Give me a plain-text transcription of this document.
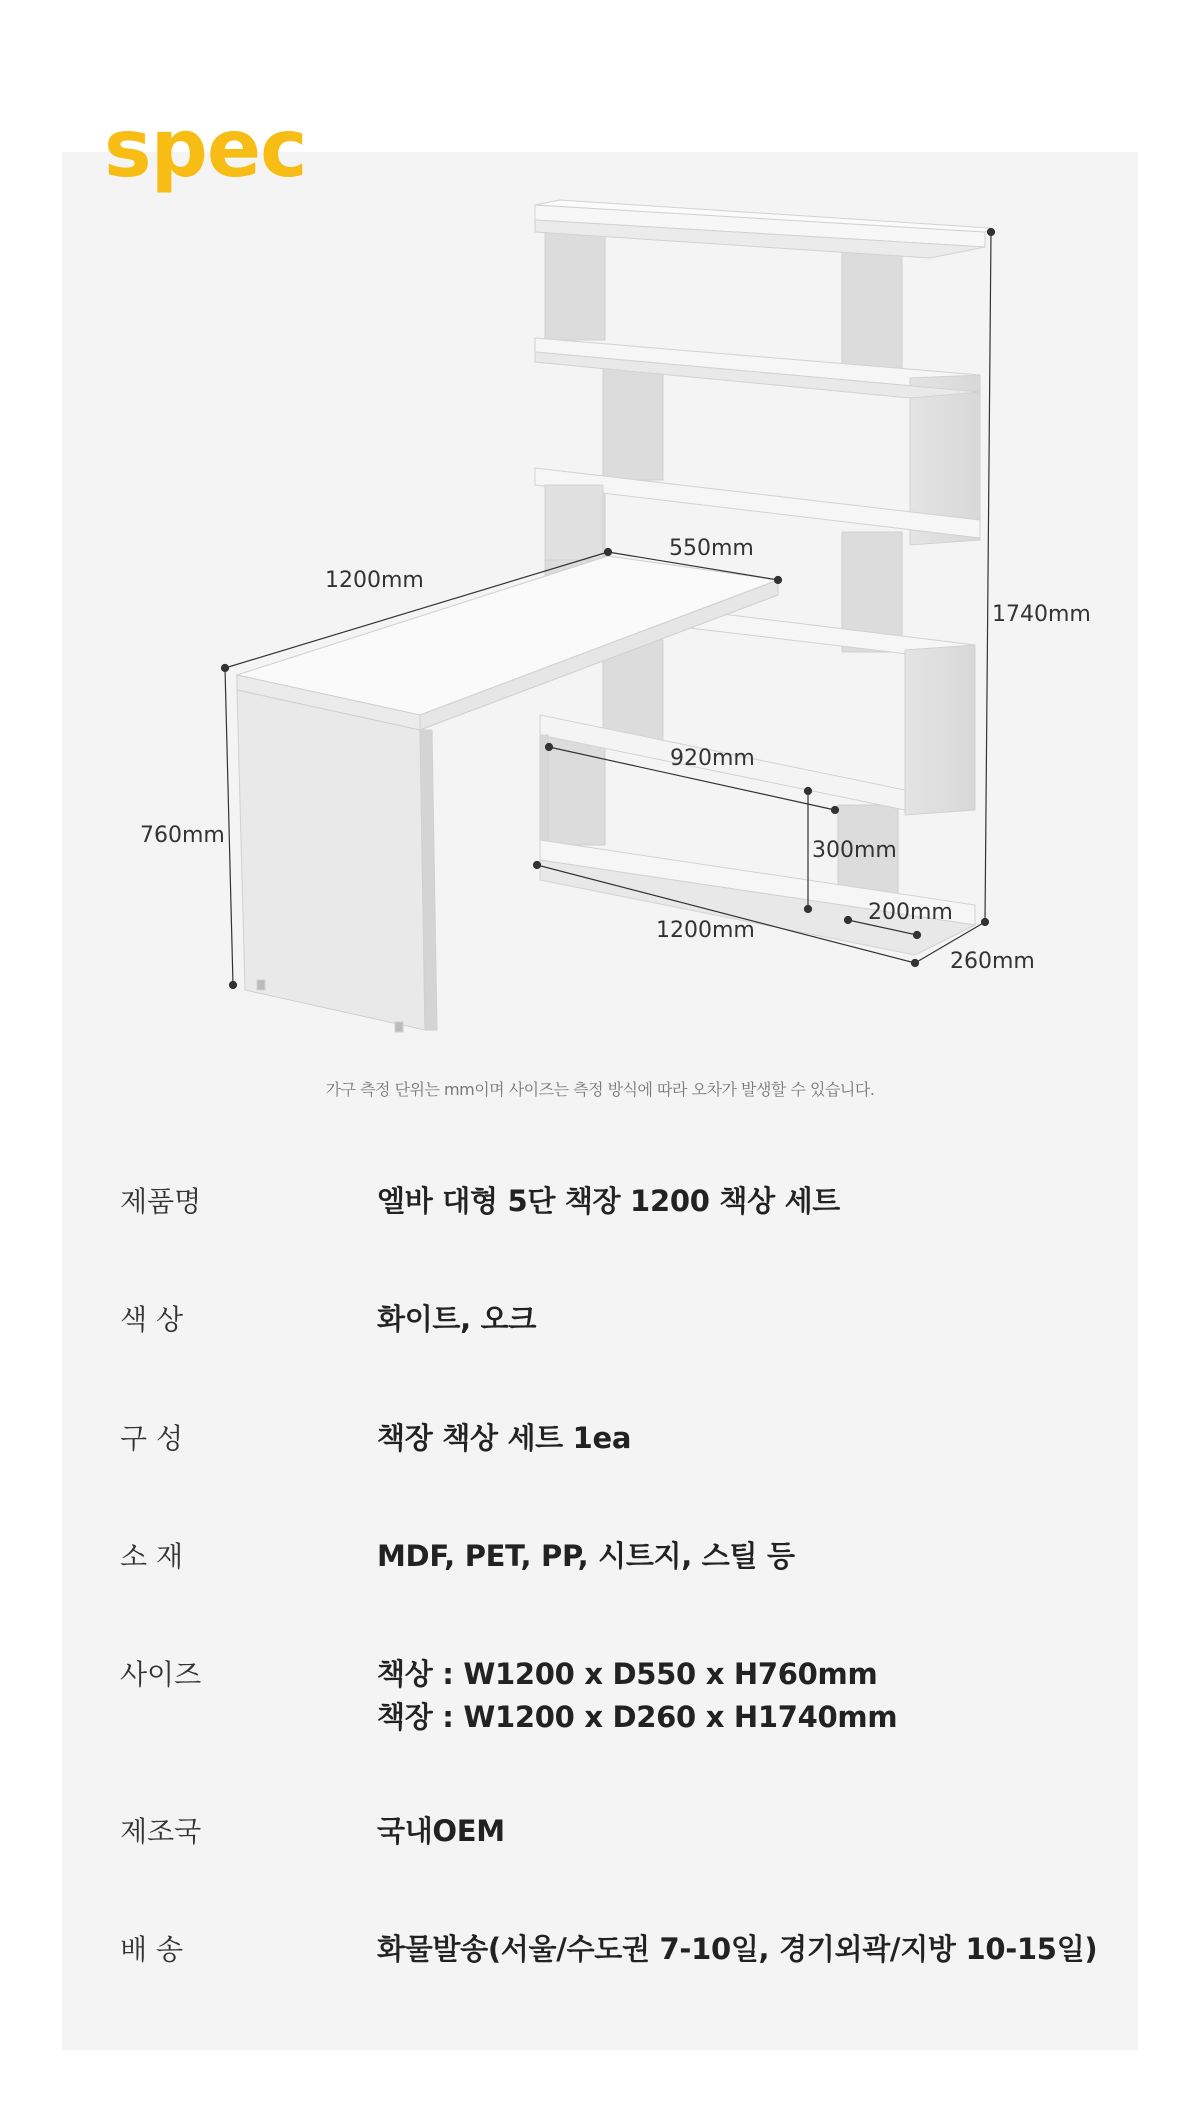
spec
1200mm
550mm
760mm
1740mm
260mm
1200mm
920mm
300mm
200mm
가구 측정 단위는 mm이며 사이즈는 측정 방식에 따라 오차가 발생할 수 있습니다.
제품명	엘바 대형 5단 책장 1200 책상 세트
색 상	화이트, 오크
구 성	책장 책상 세트 1ea
소 재	MDF, PET, PP, 시트지, 스틸 등
사이즈	책상 : W1200 x D550 x H760mm
책장 : W1200 x D260 x H1740mm
제조국	국내OEM
배 송	화물발송(서울/수도권 7-10일, 경기외곽/지방 10-15일)
